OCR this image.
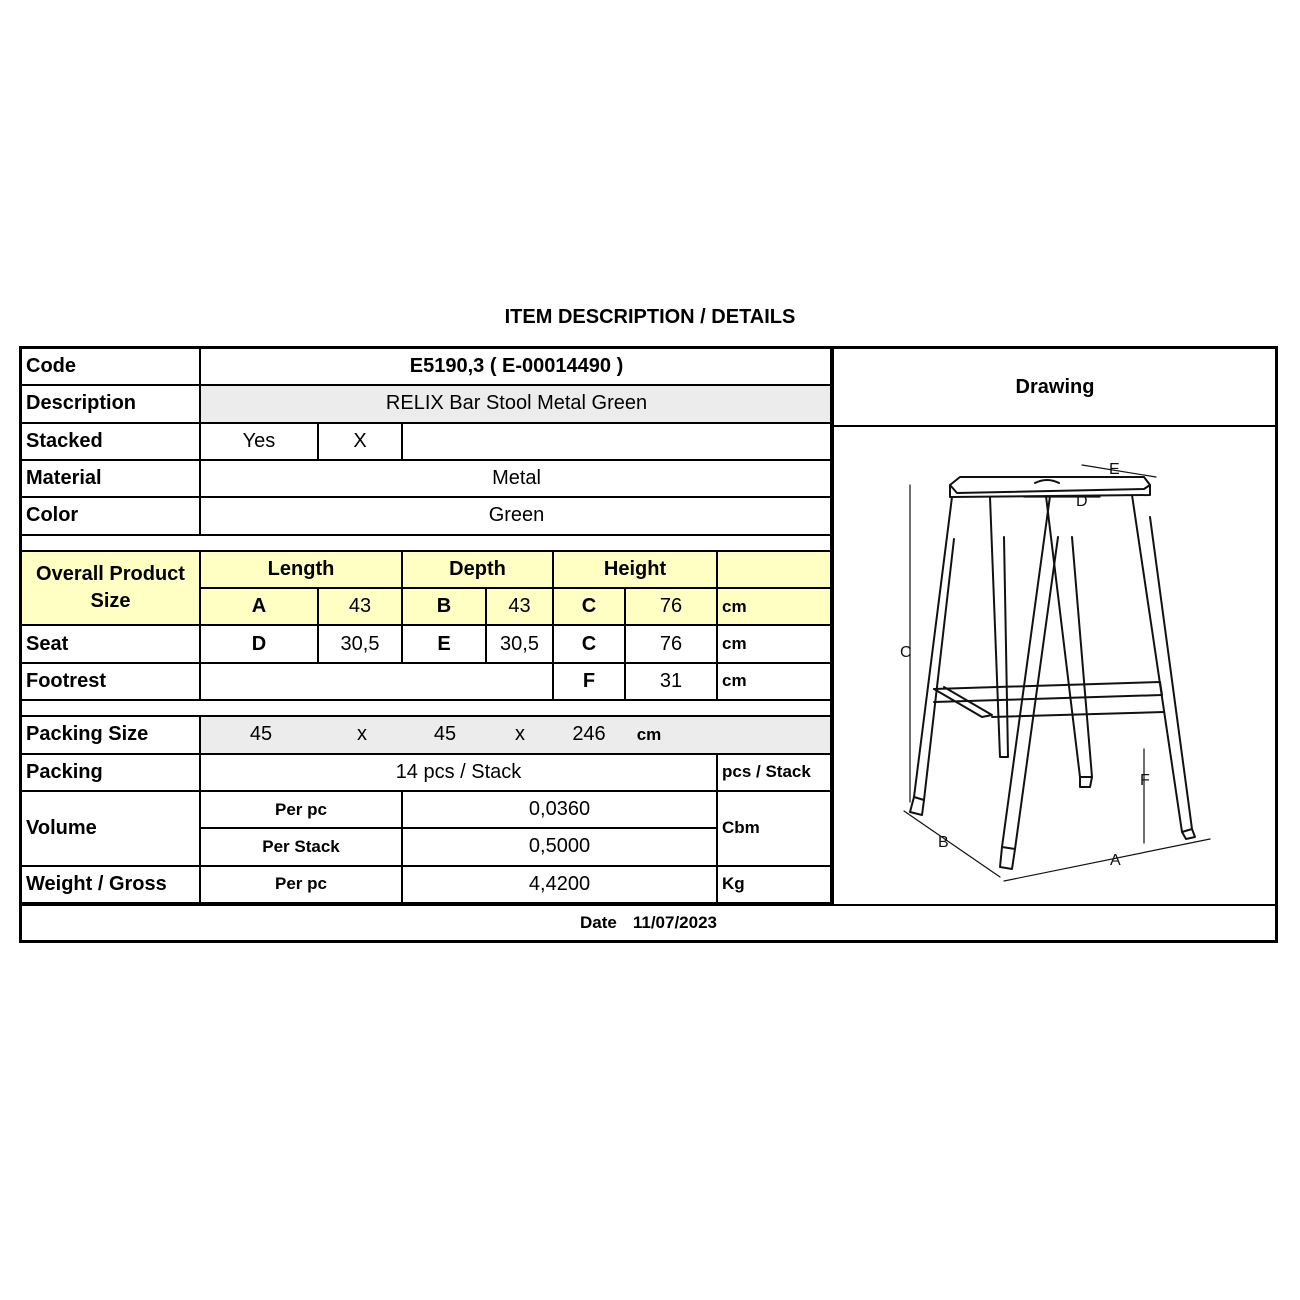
ITEM DESCRIPTION / DETAILS
Code	E5190,3 ( E-00014490 )						
Description	RELIX Bar Stool Metal Green						
Stacked	Yes	X					
Material	Metal						
Color	Green						

Overall Product Size	Length		Depth		Height		
	A	43	B	43	C	76	cm
Seat	D	30,5	E	30,5	C	76	cm
Footrest					F	31	cm

Packing Size	45 x 45 x 246 cm						
Packing	14 pcs / Stack						pcs / Stack
Volume	Per pc		0,0360				Cbm
	Per Stack		0,5000				
Weight / Gross	Per pc		4,4200				Kg
Drawing
C
F
A
B
D
E
Date 11/07/2023
